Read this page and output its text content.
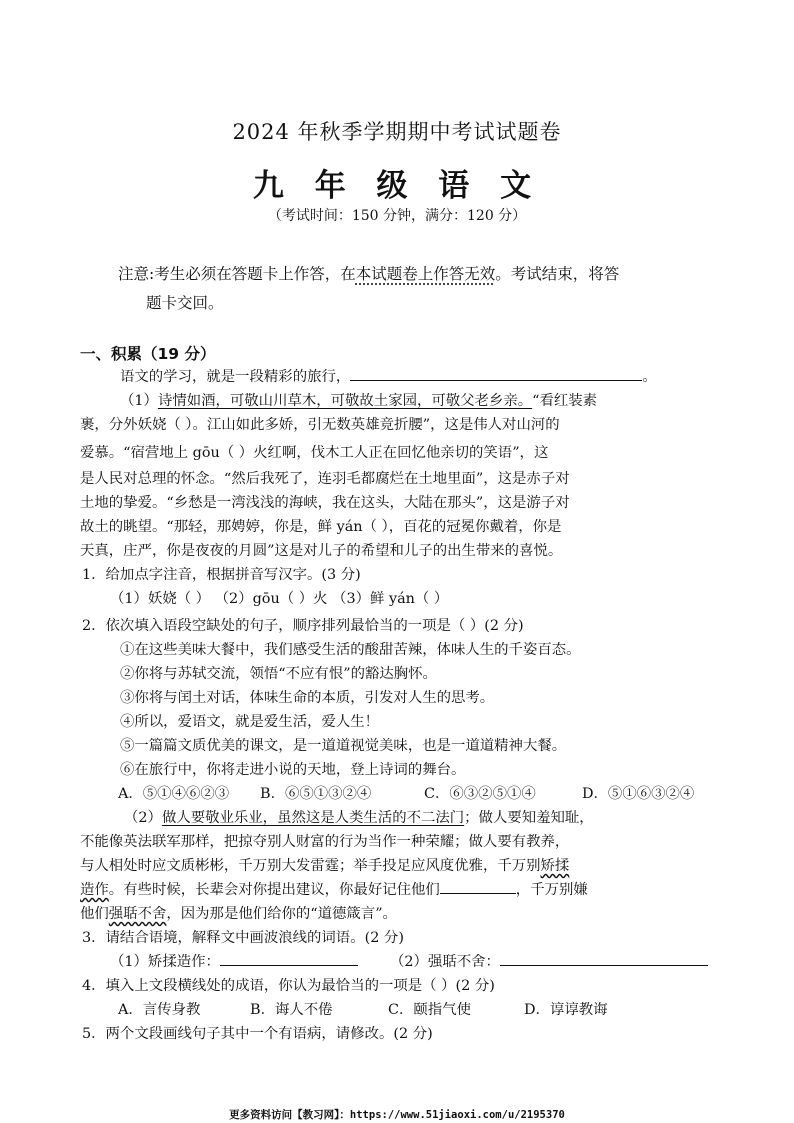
2024 年秋季学期期中考试试题卷
九 年 级 语 文
（考试时间：150 分钟，满分：120 分）
注意:考生必须在答题卡上作答，在本试题卷上作答无效。考试结束，将答
题卡交回。
一、积累（19 分）
语文的学习，就是一段精彩的旅行，	。
（1）诗情如酒，可敬山川草木，可敬故土家园，可敬父老乡亲。“看红装素
裹，分外妖娆（ ）。江山如此多娇，引无数英雄竞折腰”，这是伟人对山河的
爱慕。“宿营地上 gōu（ ）火红啊，伐木工人正在回忆他亲切的笑语”，这
是人民对总理的怀念。“然后我死了，连羽毛都腐烂在土地里面”，这是赤子对
土地的挚爱。“乡愁是一湾浅浅的海峡，我在这头，大陆在那头”，这是游子对
故土的眺望。“那轻，那娉婷，你是，鲜 yán（ ），百花的冠冕你戴着，你是
天真，庄严，你是夜夜的月圆”这是对儿子的希望和儿子的出生带来的喜悦。
1．给加点字注音，根据拼音写汉字。(3 分)
（1）妖娆（ ） （2）gōu（ ）火 （3）鲜 yán（ ）
2．依次填入语段空缺处的句子，顺序排列最恰当的一项是（ ）(2 分)
①在这些美味大餐中，我们感受生活的酸甜苦辣，体味人生的千姿百态。
②你将与苏轼交流，领悟“不应有恨”的豁达胸怀。
③你将与闰土对话，体味生命的本质，引发对人生的思考。
④所以，爱语文，就是爱生活，爱人生！
⑤一篇篇文质优美的课文，是一道道视觉美味，也是一道道精神大餐。
⑥在旅行中，你将走进小说的天地，登上诗词的舞台。
A．⑤①④⑥②③ B．⑥⑤①③②④	C．⑥③②⑤①④	D．⑤①⑥③②④
（2）做人要敬业乐业，虽然这是人类生活的不二法门；做人要知羞知耻，
不能像英法联军那样，把掠夺别人财富的行为当作一种荣耀；做人要有教养，
与人相处时应文质彬彬，千万别大发雷霆；举手投足应风度优雅，千万别矫揉
造作。有些时候，长辈会对你提出建议，你最好记住他们	，千万别嫌
他们强聒不舍，因为那是他们给你的“道德箴言”。
3．请结合语境，解释文中画波浪线的词语。(2 分)
（1）矫揉造作：	（2）强聒不舍：
4．填入上文段横线处的成语，你认为最恰当的一项是（ ）(2 分)
A．言传身教	B．诲人不倦	C．颐指气使	D．谆谆教诲
5．两个文段画线句子其中一个有语病，请修改。(2 分)
更多资料访问【教习网】：https://www.51jiaoxi.com/u/2195370
